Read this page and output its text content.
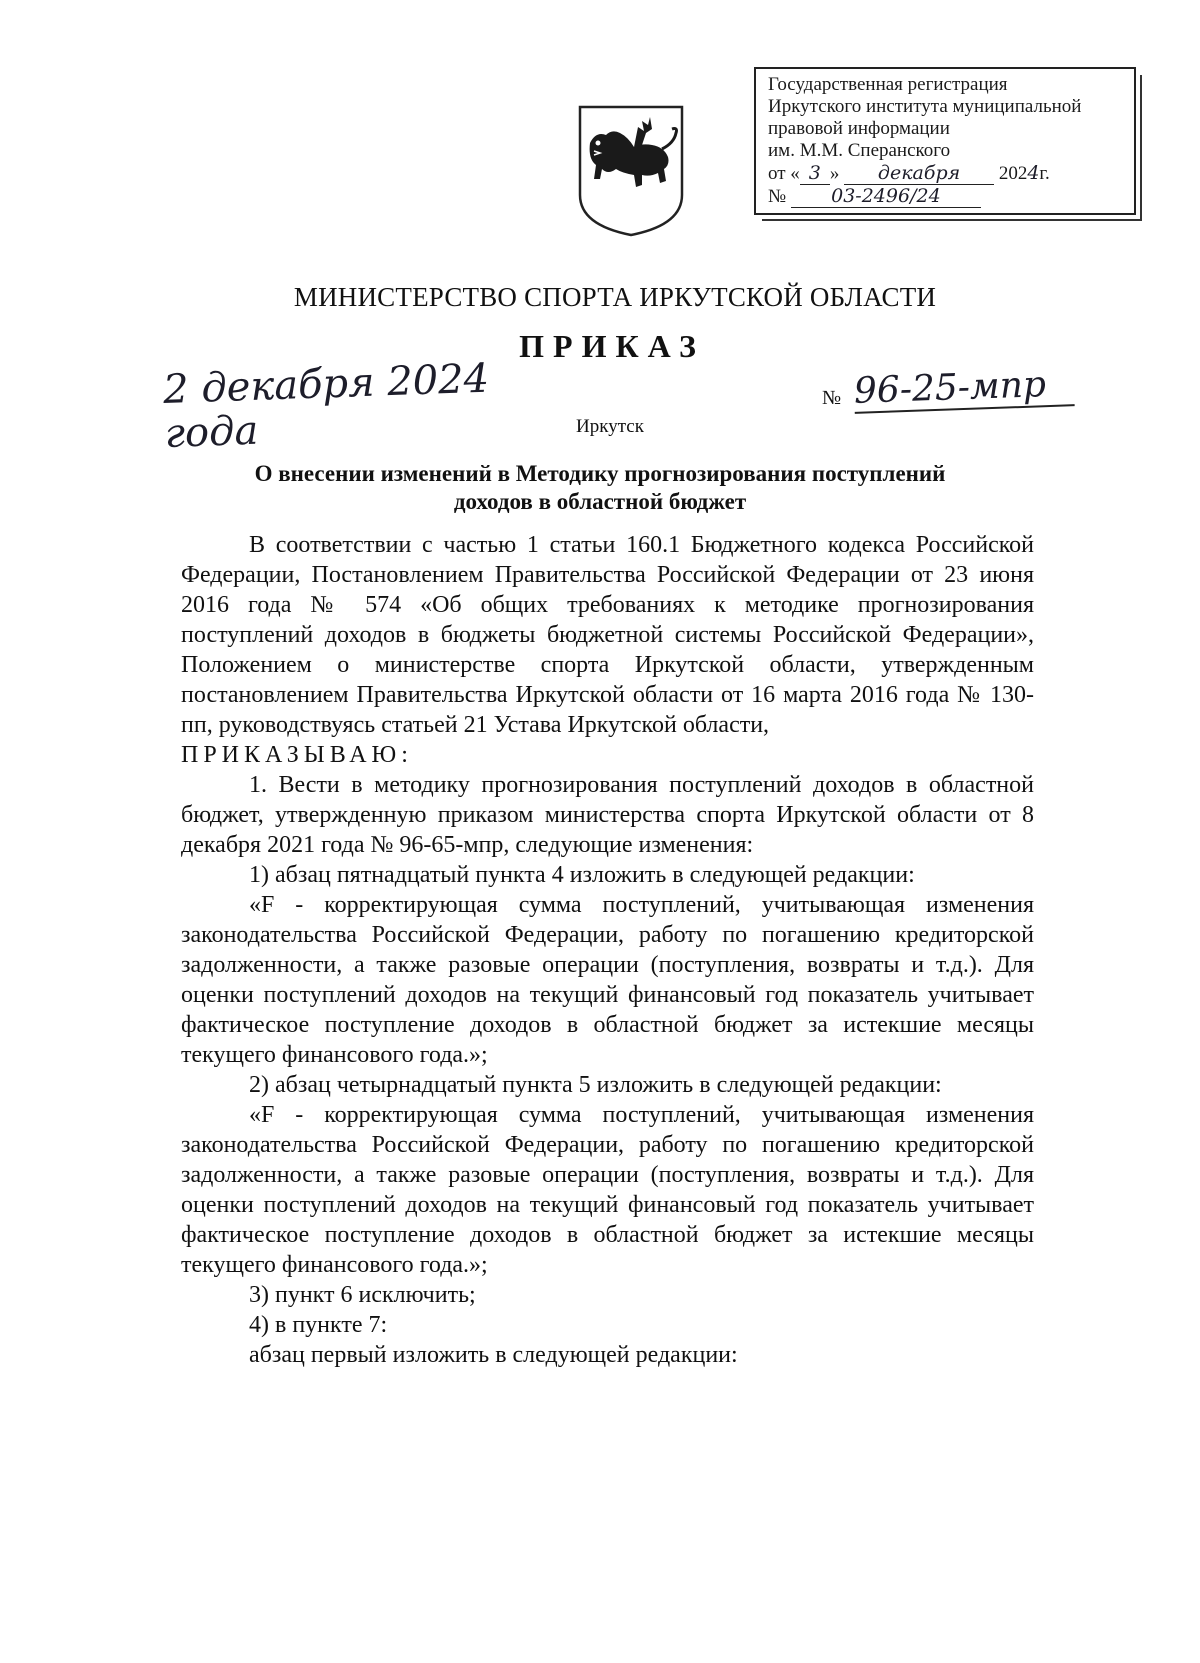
Государственная регистрация
Иркутского института муниципальной
правовой информации
им. М.М. Сперанского
от « 3 » декабря 2024г.
№ 03-2496/24
МИНИСТЕРСТВО СПОРТА ИРКУТСКОЙ ОБЛАСТИ
ПРИКАЗ
2 декабря 2024 года
№ 96-25-мпр
Иркутск
О внесении изменений в Методику прогнозирования поступлений
доходов в областной бюджет

В соответствии с частью 1 статьи 160.1 Бюджетного кодекса Российской Федерации, Постановлением Правительства Российской Федерации от 23 июня 2016 года № 574 «Об общих требованиях к методике прогнозирования поступлений доходов в бюджеты бюджетной системы Российской Федерации», Положением о министерстве спорта Иркутской области, утвержденным постановлением Правительства Иркутской области от 16 марта 2016 года № 130-пп, руководствуясь статьей 21 Устава Иркутской области,

ПРИКАЗЫВАЮ:

1. Вести в методику прогнозирования поступлений доходов в областной бюджет, утвержденную приказом министерства спорта Иркутской области от 8 декабря 2021 года № 96-65-мпр, следующие изменения:

1) абзац пятнадцатый пункта 4 изложить в следующей редакции:

«F - корректирующая сумма поступлений, учитывающая изменения законодательства Российской Федерации, работу по погашению кредиторской задолженности, а также разовые операции (поступления, возвраты и т.д.). Для оценки поступлений доходов на текущий финансовый год показатель учитывает фактическое поступление доходов в областной бюджет за истекшие месяцы текущего финансового года.»;

2) абзац четырнадцатый пункта 5 изложить в следующей редакции:

«F - корректирующая сумма поступлений, учитывающая изменения законодательства Российской Федерации, работу по погашению кредиторской задолженности, а также разовые операции (поступления, возвраты и т.д.). Для оценки поступлений доходов на текущий финансовый год показатель учитывает фактическое поступление доходов в областной бюджет за истекшие месяцы текущего финансового года.»;

3) пункт 6 исключить;

4) в пункте 7:

абзац первый изложить в следующей редакции:
